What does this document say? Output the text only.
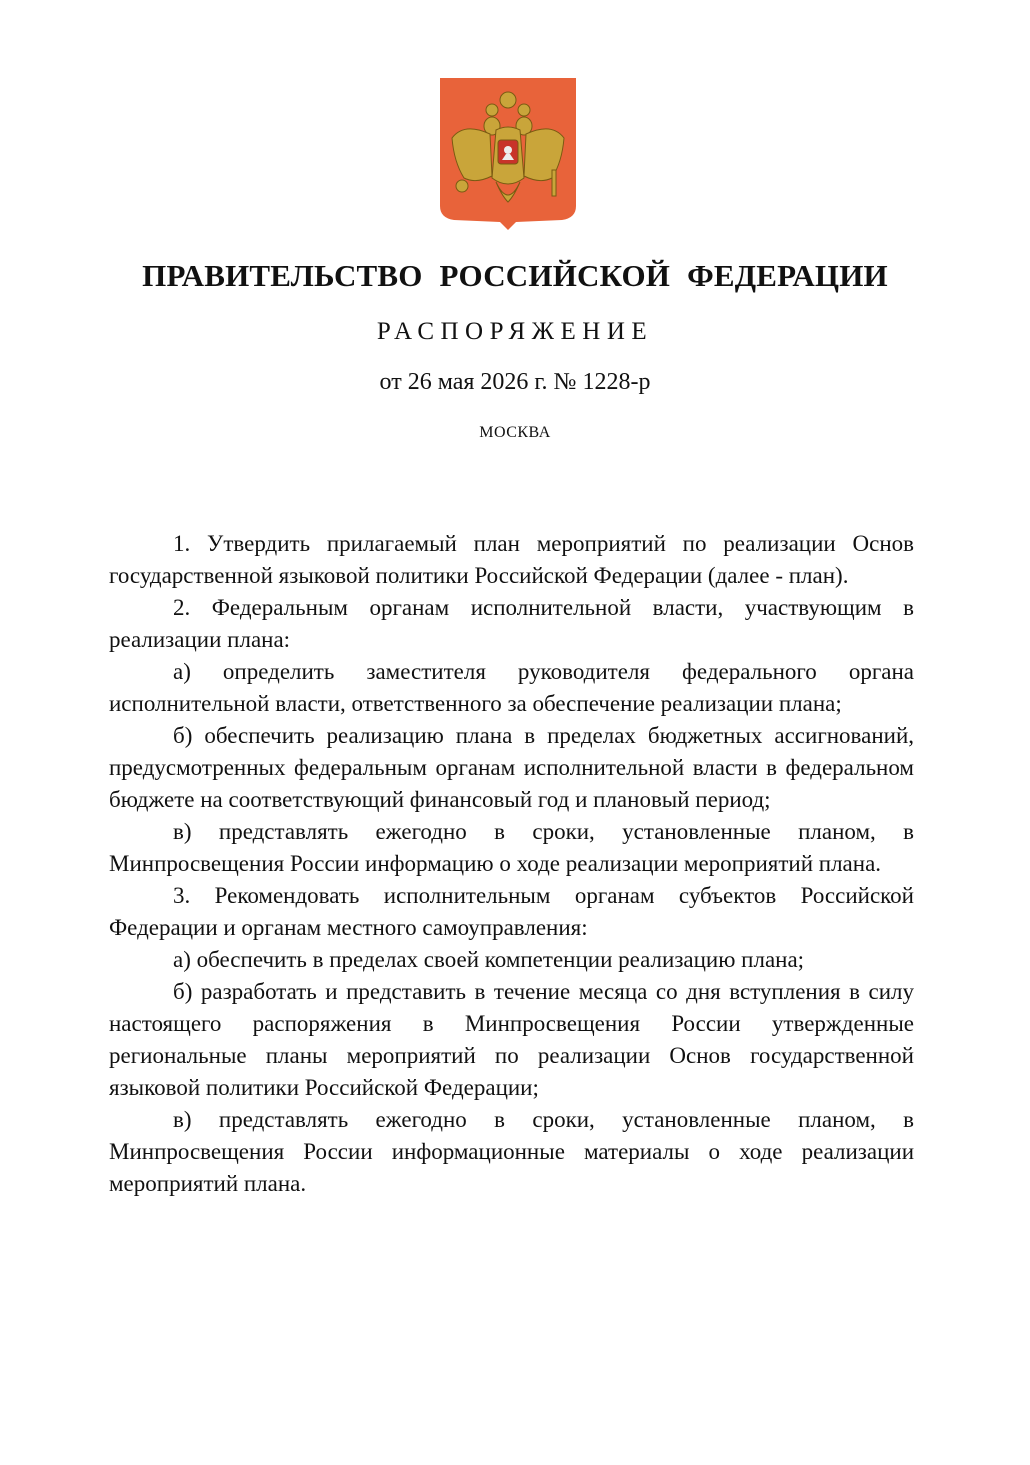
ПРАВИТЕЛЬСТВО РОССИЙСКОЙ ФЕДЕРАЦИИ
РАСПОРЯЖЕНИЕ
от 26 мая 2026 г. № 1228-р
МОСКВА

1. Утвердить прилагаемый план мероприятий по реализации Основ государственной языковой политики Российской Федерации (далее - план).

2. Федеральным органам исполнительной власти, участвующим в реализации плана:

а) определить заместителя руководителя федерального органа исполнительной власти, ответственного за обеспечение реализации плана;

б) обеспечить реализацию плана в пределах бюджетных ассигнований, предусмотренных федеральным органам исполнительной власти в федеральном бюджете на соответствующий финансовый год и плановый период;

в) представлять ежегодно в сроки, установленные планом, в Минпросвещения России информацию о ходе реализации мероприятий плана.

3. Рекомендовать исполнительным органам субъектов Российской Федерации и органам местного самоуправления:

а) обеспечить в пределах своей компетенции реализацию плана;

б) разработать и представить в течение месяца со дня вступления в силу настоящего распоряжения в Минпросвещения России утвержденные региональные планы мероприятий по реализации Основ государственной языковой политики Российской Федерации;

в) представлять ежегодно в сроки, установленные планом, в Минпросвещения России информационные материалы о ходе реализации мероприятий плана.
